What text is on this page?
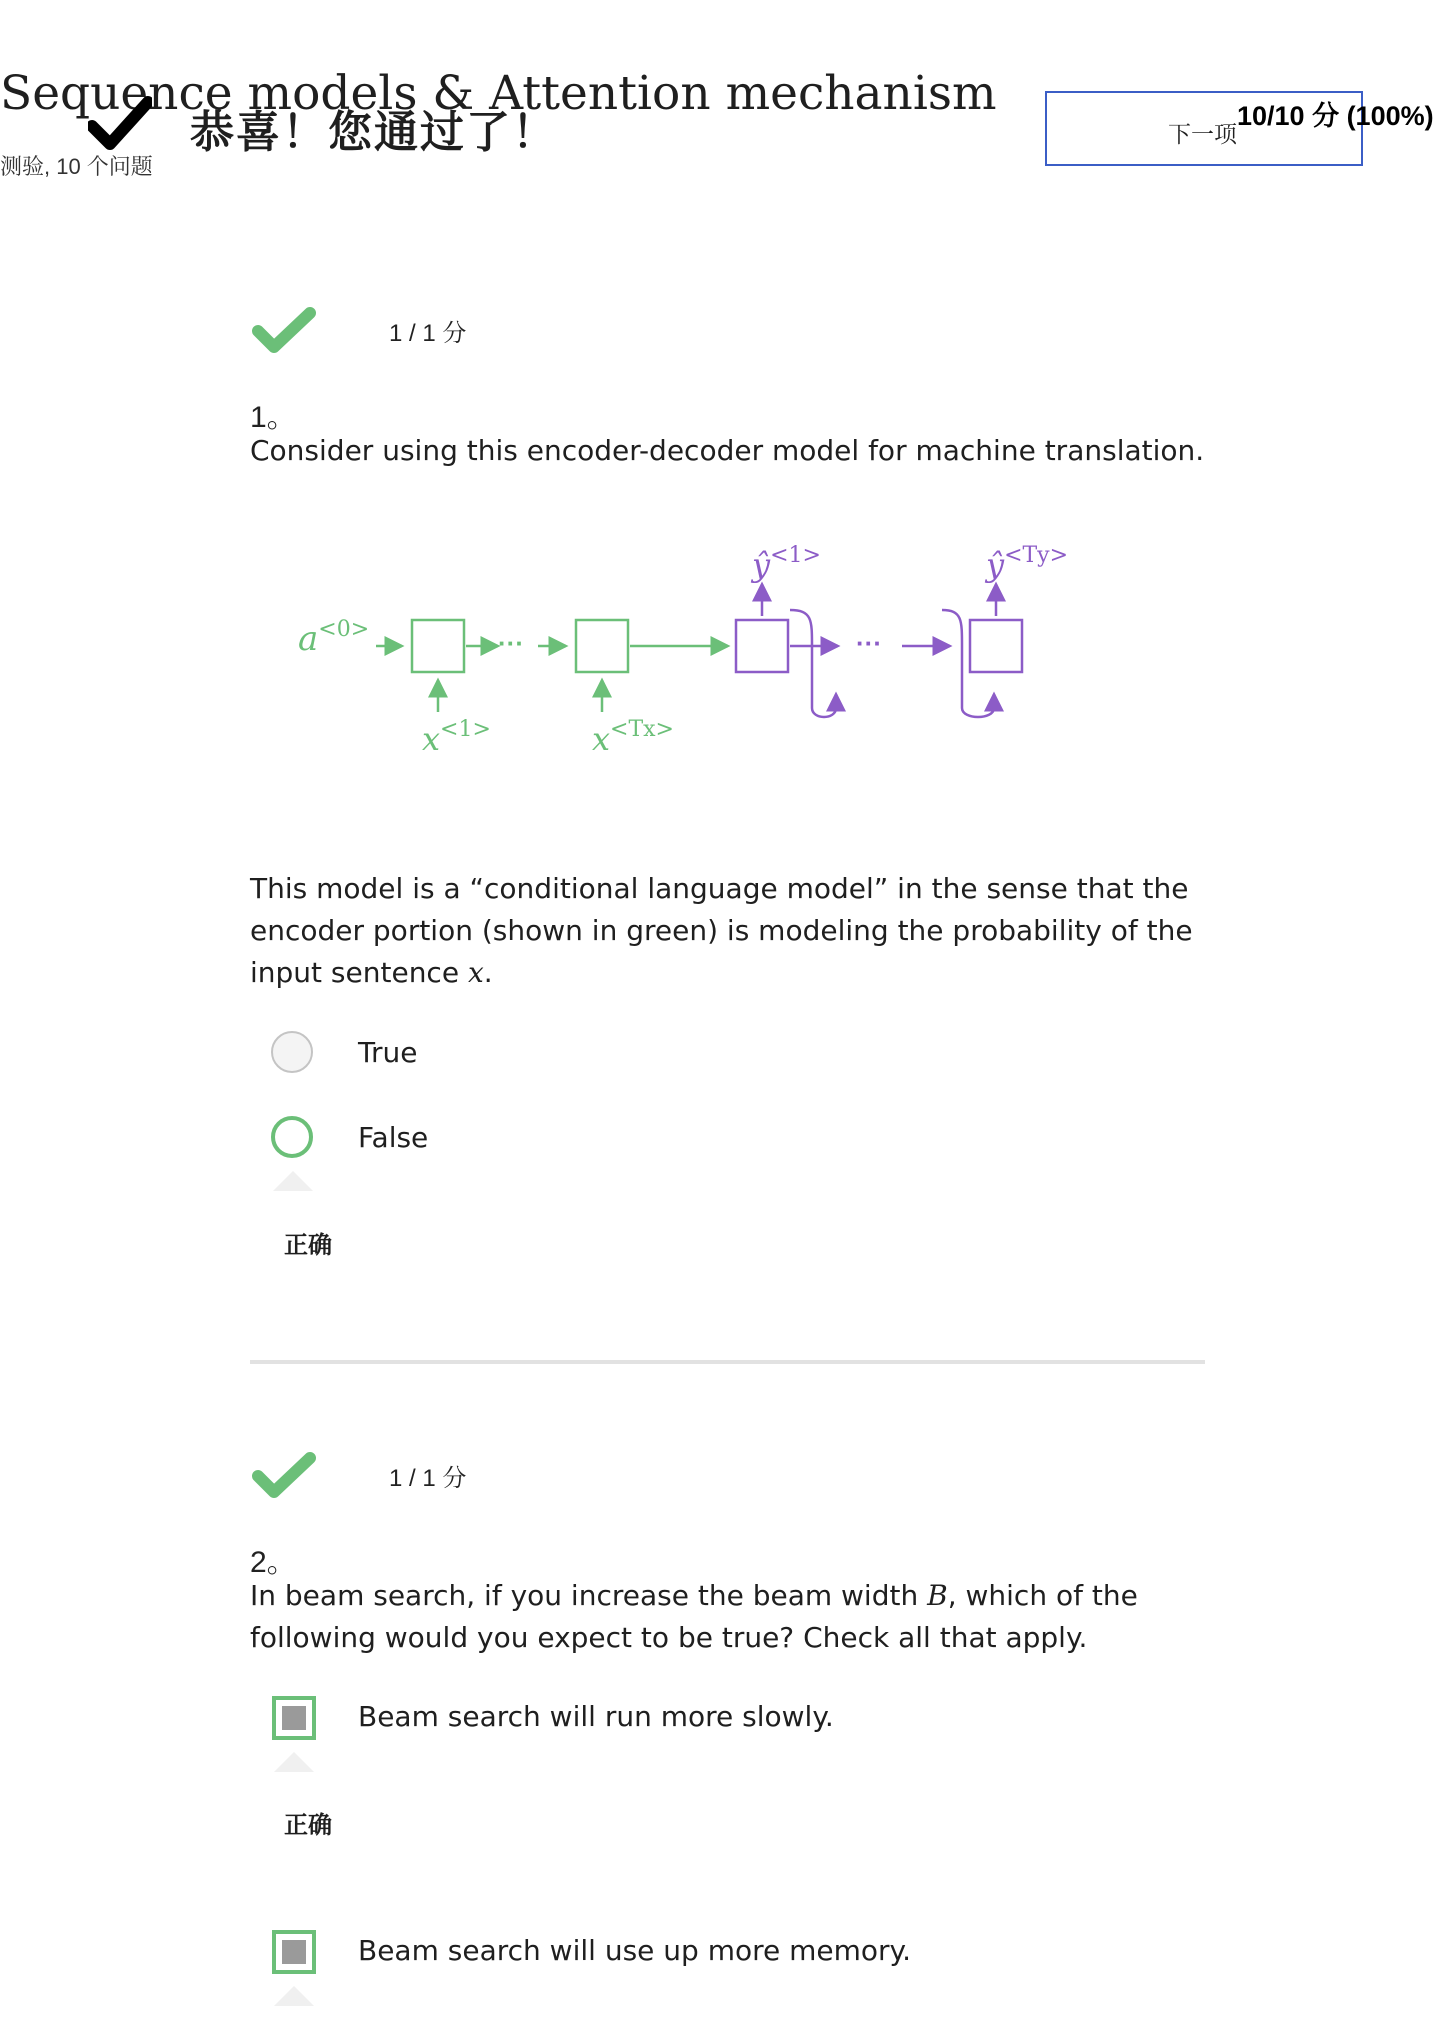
Sequence models & Attention mechanism
测验, 10 个问题
恭喜！您通过了！	下一项
10/10 分 (100%)
1 / 1 分
1。
Consider using this encoder-decoder model for machine translation.
$a^{<0>}$	···
$x^{<1>}$	$x^{<Tx>}$
$ŷ^{<1>}$
···
$ŷ^{<Ty>}$
This model is a “conditional language model” in the sense that the encoder portion (shown in green) is modeling the probability of the input sentence x.
True
False
正确
1 / 1 分
2。
In beam search, if you increase the beam width B, which of the following would you expect to be true? Check all that apply.
Beam search will run more slowly.
正确
Beam search will use up more memory.
